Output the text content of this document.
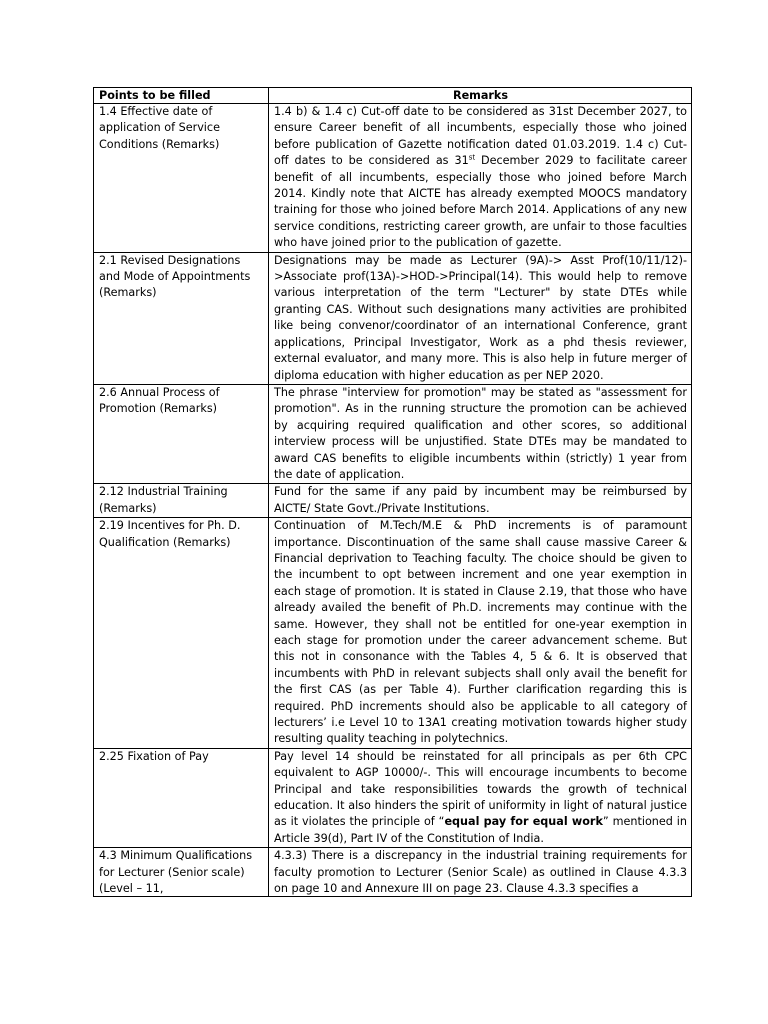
Points to be filled	Remarks
1.4 Effective date of application of Service Conditions (Remarks)	1.4 b) & 1.4 c) Cut-off date to be considered as 31st December 2027, to ensure Career benefit of all incumbents, especially those who joined before publication of Gazette notification dated 01.03.2019. 1.4 c) Cut-off dates to be considered as 31st December 2029 to facilitate career benefit of all incumbents, especially those who joined before March 2014. Kindly note that AICTE has already exempted MOOCS mandatory training for those who joined before March 2014. Applications of any new service conditions, restricting career growth, are unfair to those faculties who have joined prior to the publication of gazette.
2.1 Revised Designations and Mode of Appointments (Remarks)	Designations may be made as Lecturer (9A)-> Asst Prof(10/11/12)->Associate prof(13A)->HOD->Principal(14). This would help to remove various interpretation of the term "Lecturer" by state DTEs while granting CAS. Without such designations many activities are prohibited like being convenor/coordinator of an international Conference, grant applications, Principal Investigator, Work as a phd thesis reviewer, external evaluator, and many more. This is also help in future merger of diploma education with higher education as per NEP 2020.
2.6 Annual Process of Promotion (Remarks)	The phrase "interview for promotion" may be stated as "assessment for promotion". As in the running structure the promotion can be achieved by acquiring required qualification and other scores, so additional interview process will be unjustified. State DTEs may be mandated to award CAS benefits to eligible incumbents within (strictly) 1 year from the date of application.
2.12 Industrial Training (Remarks)	Fund for the same if any paid by incumbent may be reimbursed by AICTE/ State Govt./Private Institutions.
2.19 Incentives for Ph. D. Qualification (Remarks)	Continuation of M.Tech/M.E & PhD increments is of paramount importance. Discontinuation of the same shall cause massive Career & Financial deprivation to Teaching faculty. The choice should be given to the incumbent to opt between increment and one year exemption in each stage of promotion. It is stated in Clause 2.19, that those who have already availed the benefit of Ph.D. increments may continue with the same. However, they shall not be entitled for one-year exemption in each stage for promotion under the career advancement scheme. But this not in consonance with the Tables 4, 5 & 6. It is observed that incumbents with PhD in relevant subjects shall only avail the benefit for the first CAS (as per Table 4). Further clarification regarding this is required. PhD increments should also be applicable to all category of lecturers’ i.e Level 10 to 13A1 creating motivation towards higher study resulting quality teaching in polytechnics.
2.25 Fixation of Pay	Pay level 14 should be reinstated for all principals as per 6th CPC equivalent to AGP 10000/-. This will encourage incumbents to become Principal and take responsibilities towards the growth of technical education. It also hinders the spirit of uniformity in light of natural justice as it violates the principle of “equal pay for equal work” mentioned in Article 39(d), Part IV of the Constitution of India.

4.3 Minimum Qualifications for Lecturer (Senior scale) (Level – 11,	4.3.3) There is a discrepancy in the industrial training requirements for faculty promotion to Lecturer (Senior Scale) as outlined in Clause 4.3.3 on page 10 and Annexure III on page 23. Clause 4.3.3 specifies a
